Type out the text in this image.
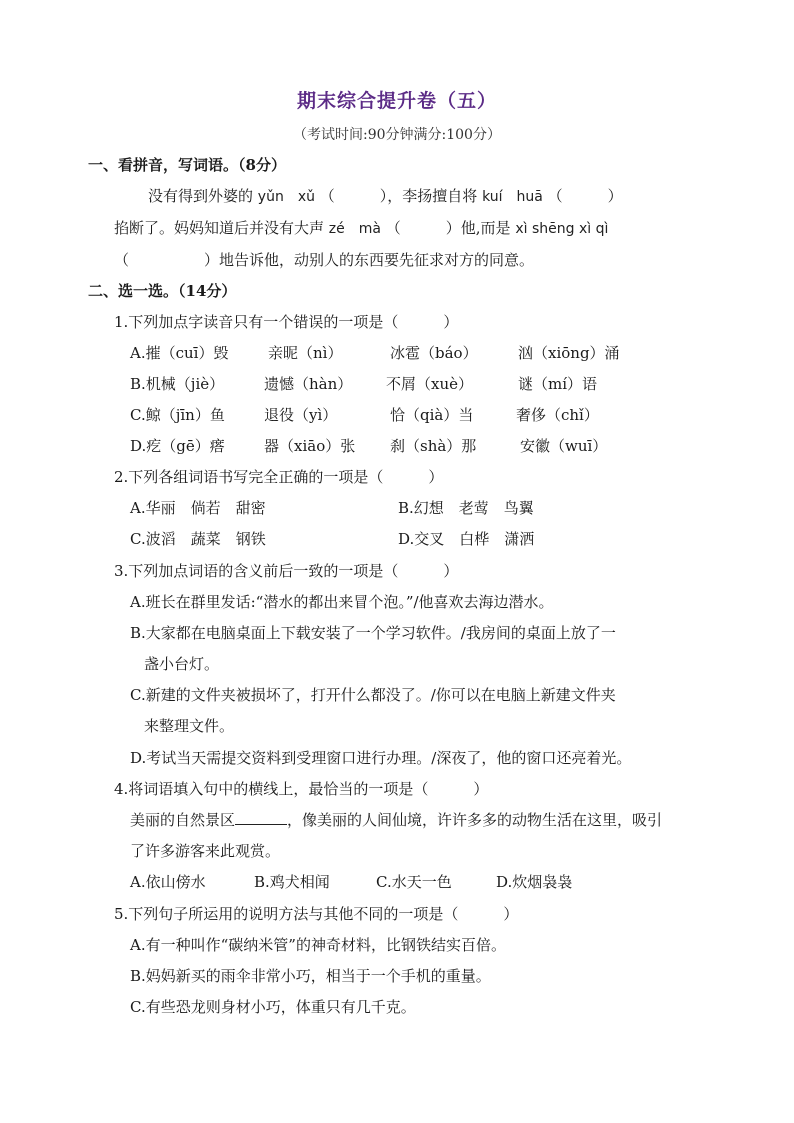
期末综合提升卷（五）
（考试时间:90分钟满分:100分）
一、看拼音，写词语。（8分）
没有得到外婆的 yǔn　xǔ （　　　），李扬擅自将 kuí　huā （　　　）
掐断了。妈妈知道后并没有大声 zé　mà （　　　）他,而是 xì shēng xì qì
（　　　　　）地告诉他，动别人的东西要先征求对方的同意。
二、选一选。（14分）
1.下列加点字读音只有一个错误的一项是（　　　）
A.摧（cuī）毁	亲昵（nì）	冰雹（báo）	汹（xiōng）涌
B.机械（jiè）	遗憾（hàn） 不屑（xuè）	谜（mí）语
C.鲸（jīn）鱼	退役（yì）	恰（qià）当	奢侈（chǐ）
D.疙（gē）瘩	器（xiāo）张 刹（shà）那	安徽（wuī）
2.下列各组词语书写完全正确的一项是（　　　）
A.华丽　倘若　甜密	B.幻想　老莺　鸟翼
C.波滔　蔬菜　钢铁	D.交叉　白桦　潇洒
3.下列加点词语的含义前后一致的一项是（　　　）
A.班长在群里发话:“潜水的都出来冒个泡。”/他喜欢去海边潜水。
B.大家都在电脑桌面上下载安装了一个学习软件。/我房间的桌面上放了一
盏小台灯。
C.新建的文件夹被损坏了，打开什么都没了。/你可以在电脑上新建文件夹
来整理文件。
D.考试当天需提交资料到受理窗口进行办理。/深夜了，他的窗口还亮着光。
4.将词语填入句中的横线上，最恰当的一项是（　　　）
美丽的自然景区	，像美丽的人间仙境，许许多多的动物生活在这里，吸引
了许多游客来此观赏。
A.依山傍水	B.鸡犬相闻	C.水天一色	D.炊烟袅袅
5.下列句子所运用的说明方法与其他不同的一项是（　　　）
A.有一种叫作“碳纳米管”的神奇材料，比钢铁结实百倍。
B.妈妈新买的雨伞非常小巧，相当于一个手机的重量。
C.有些恐龙则身材小巧，体重只有几千克。
